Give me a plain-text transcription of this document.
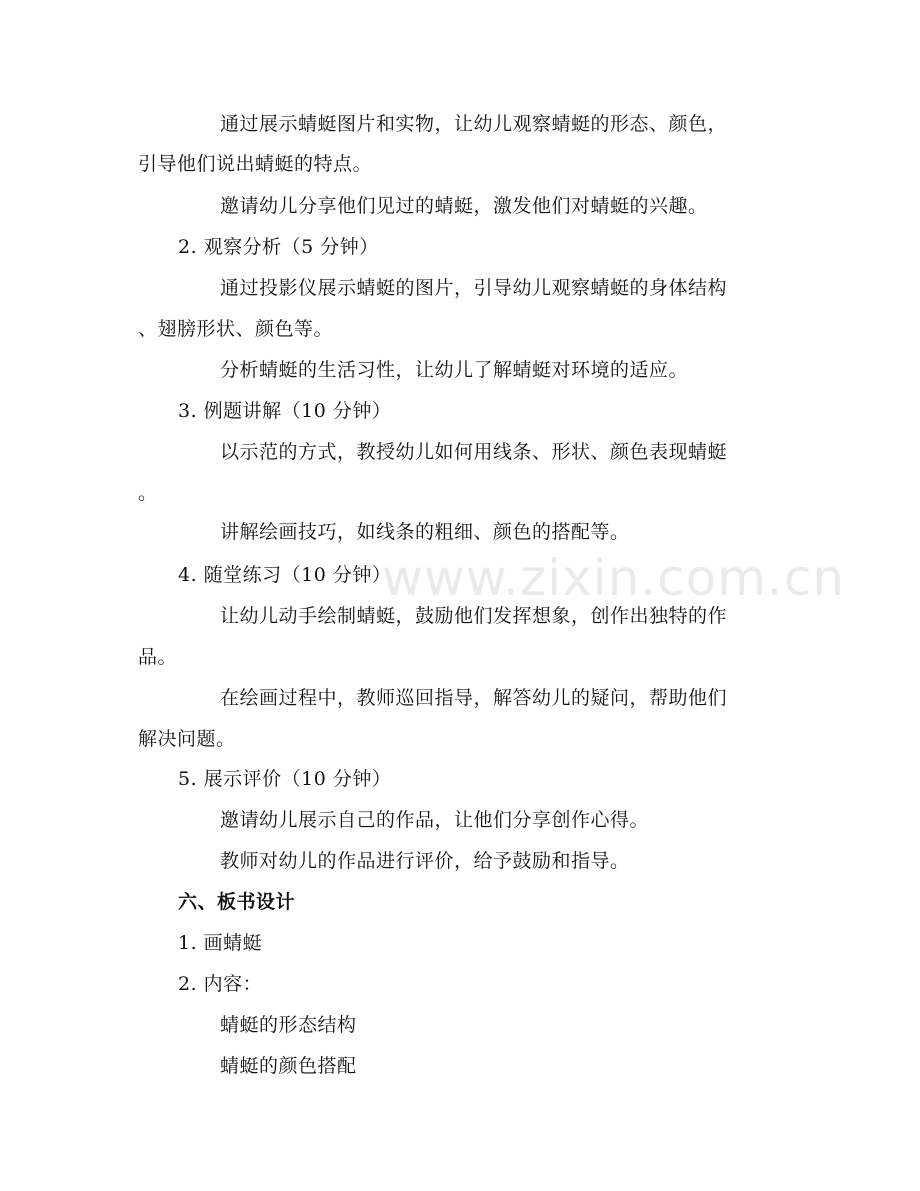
通过展示蜻蜓图片和实物，让幼儿观察蜻蜓的形态、颜色，
引导他们说出蜻蜓的特点。
邀请幼儿分享他们见过的蜻蜓，激发他们对蜻蜓的兴趣。
2. 观察分析（5 分钟）
通过投影仪展示蜻蜓的图片，引导幼儿观察蜻蜓的身体结构
、翅膀形状、颜色等。
分析蜻蜓的生活习性，让幼儿了解蜻蜓对环境的适应。
3. 例题讲解（10 分钟）
以示范的方式，教授幼儿如何用线条、形状、颜色表现蜻蜓
。
讲解绘画技巧，如线条的粗细、颜色的搭配等。
4. 随堂练习（10 分钟）
让幼儿动手绘制蜻蜓，鼓励他们发挥想象，创作出独特的作
品。
在绘画过程中，教师巡回指导，解答幼儿的疑问，帮助他们
解决问题。
5. 展示评价（10 分钟）
邀请幼儿展示自己的作品，让他们分享创作心得。
教师对幼儿的作品进行评价，给予鼓励和指导。
六、板书设计
1. 画蜻蜓
2. 内容：
蜻蜓的形态结构
蜻蜓的颜色搭配
www.zixin.com.cn
